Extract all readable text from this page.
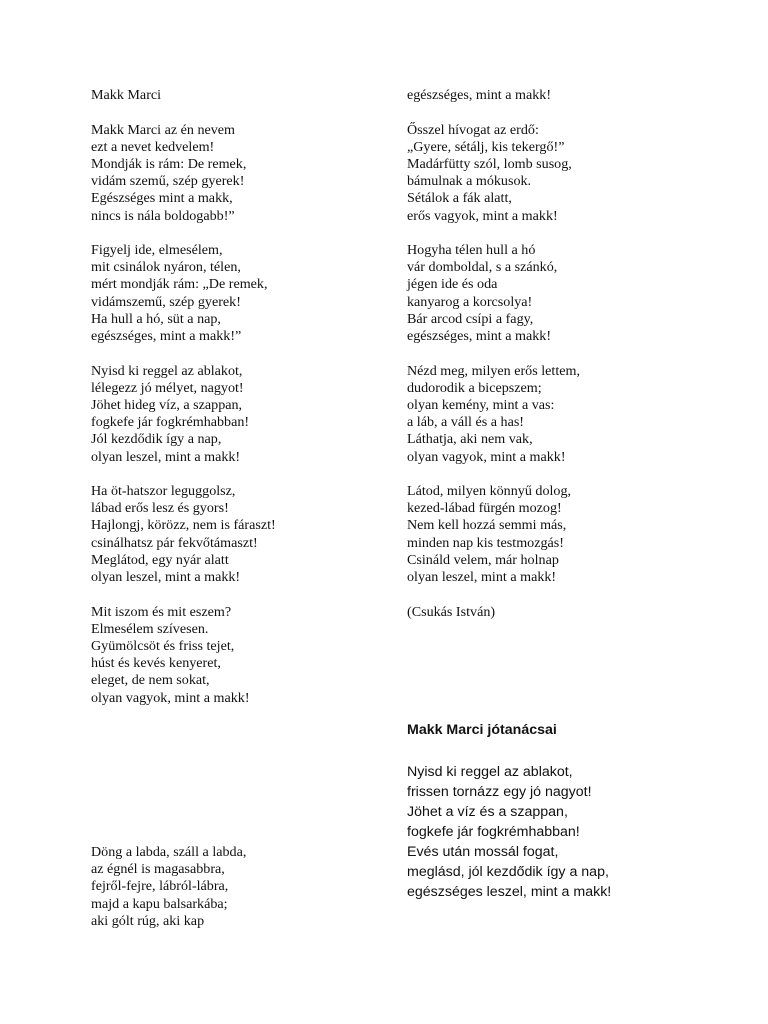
Makk Marci
Makk Marci az én nevem
ezt a nevet kedvelem!
Mondják is rám: De remek,
vidám szemű, szép gyerek!
Egészséges mint a makk,
nincs is nála boldogabb!”
Figyelj ide, elmesélem,
mit csinálok nyáron, télen,
mért mondják rám: „De remek,
vidámszemű, szép gyerek!
Ha hull a hó, süt a nap,
egészséges, mint a makk!”
Nyisd ki reggel az ablakot,
lélegezz jó mélyet, nagyot!
Jöhet hideg víz, a szappan,
fogkefe jár fogkrémhabban!
Jól kezdődik így a nap,
olyan leszel, mint a makk!
Ha öt-hatszor leguggolsz,
lábad erős lesz és gyors!
Hajlongj, körözz, nem is fáraszt!
csinálhatsz pár fekvőtámaszt!
Meglátod, egy nyár alatt
olyan leszel, mint a makk!
Mit iszom és mit eszem?
Elmesélem szívesen.
Gyümölcsöt és friss tejet,
húst és kevés kenyeret,
eleget, de nem sokat,
olyan vagyok, mint a makk!
Döng a labda, száll a labda,
az égnél is magasabbra,
fejről-fejre, lábról-lábra,
majd a kapu balsarkába;
aki gólt rúg, aki kap
egészséges, mint a makk!
Ősszel hívogat az erdő:
„Gyere, sétálj, kis tekergő!”
Madárfütty szól, lomb susog,
bámulnak a mókusok.
Sétálok a fák alatt,
erős vagyok, mint a makk!
Hogyha télen hull a hó
vár domboldal, s a szánkó,
jégen ide és oda
kanyarog a korcsolya!
Bár arcod csípi a fagy,
egészséges, mint a makk!
Nézd meg, milyen erős lettem,
dudorodik a bicepszem;
olyan kemény, mint a vas:
a láb, a váll és a has!
Láthatja, aki nem vak,
olyan vagyok, mint a makk!
Látod, milyen könnyű dolog,
kezed-lábad fürgén mozog!
Nem kell hozzá semmi más,
minden nap kis testmozgás!
Csináld velem, már holnap
olyan leszel, mint a makk!
(Csukás István)
Makk Marci jótanácsai
Nyisd ki reggel az ablakot,
frissen tornázz egy jó nagyot!
Jöhet a víz és a szappan,
fogkefe jár fogkrémhabban!
Evés után mossál fogat,
meglásd, jól kezdődik így a nap,
egészséges leszel, mint a makk!
